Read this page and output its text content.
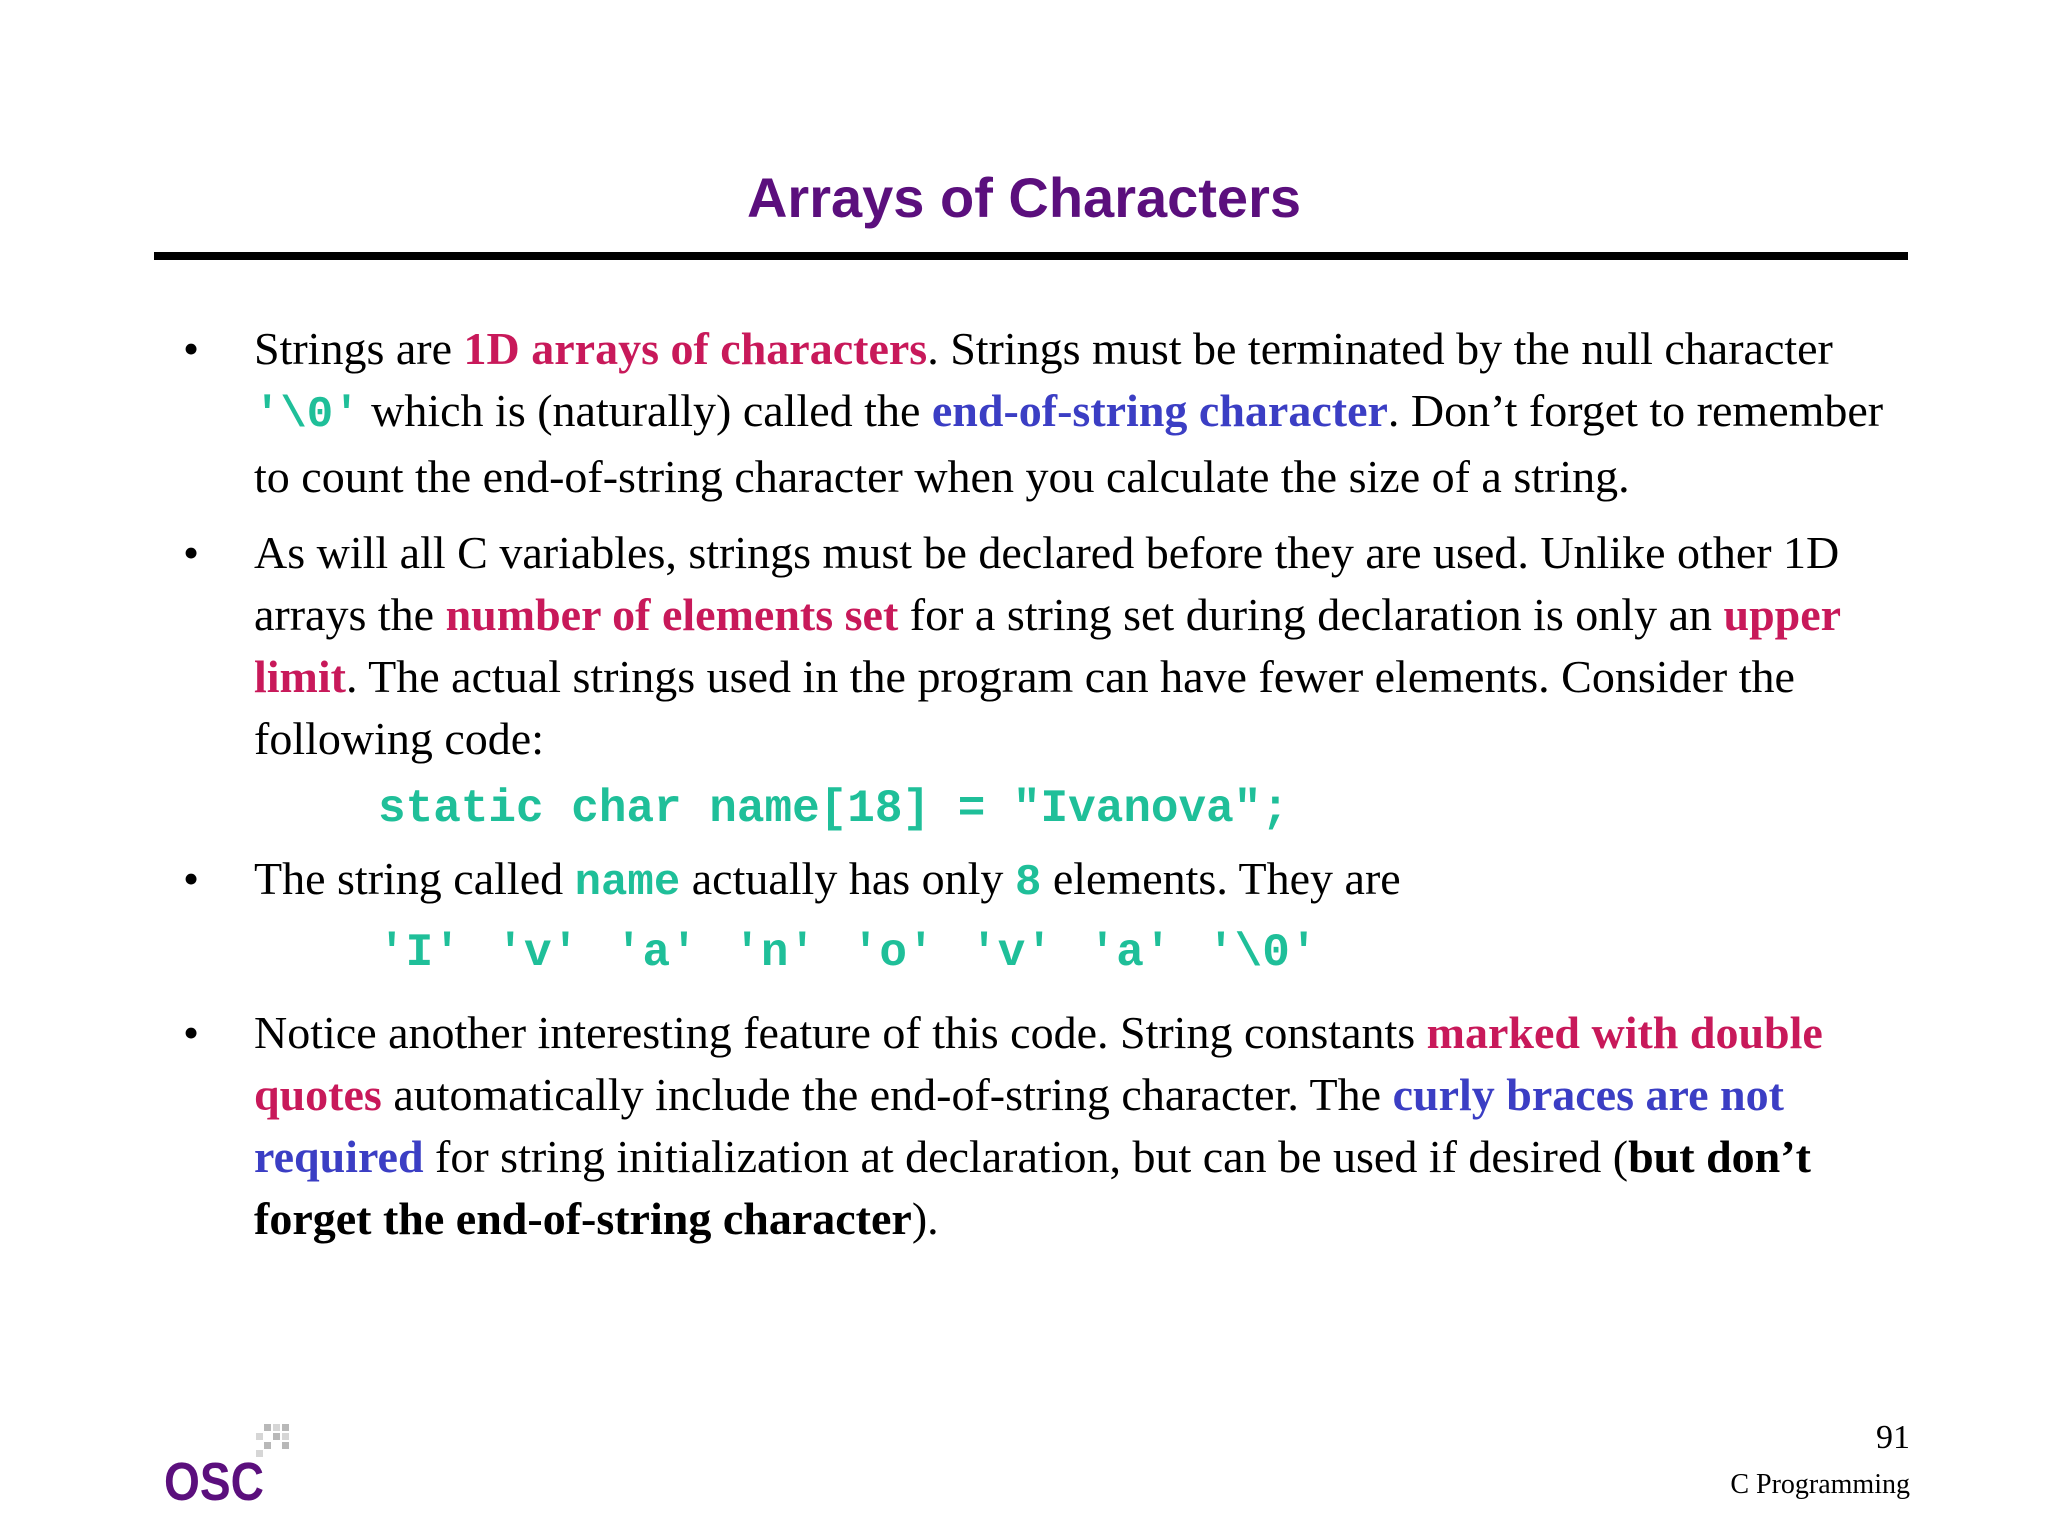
Arrays of Characters
• Strings are 1D arrays of characters. Strings must be terminated by the null character '\0' which is (naturally) called the end-of-string character. Don’t forget to remember to count the end-of-string character when you calculate the size of a string.

• As will all C variables, strings must be declared before they are used. Unlike other 1D arrays the number of elements set for a string set during declaration is only an upper limit. The actual strings used in the program can have fewer elements. Consider the following code:

static char name[18] = "Ivanova";
• The string called name actually has only 8 elements. They are

'I' 'v' 'a' 'n' 'o' 'v' 'a' '\0'
• Notice another interesting feature of this code. String constants marked with double quotes automatically include the end-of-string character. The curly braces are not required for string initialization at declaration, but can be used if desired (but don’t forget the end-of-string character).

OSC
91
C Programming
